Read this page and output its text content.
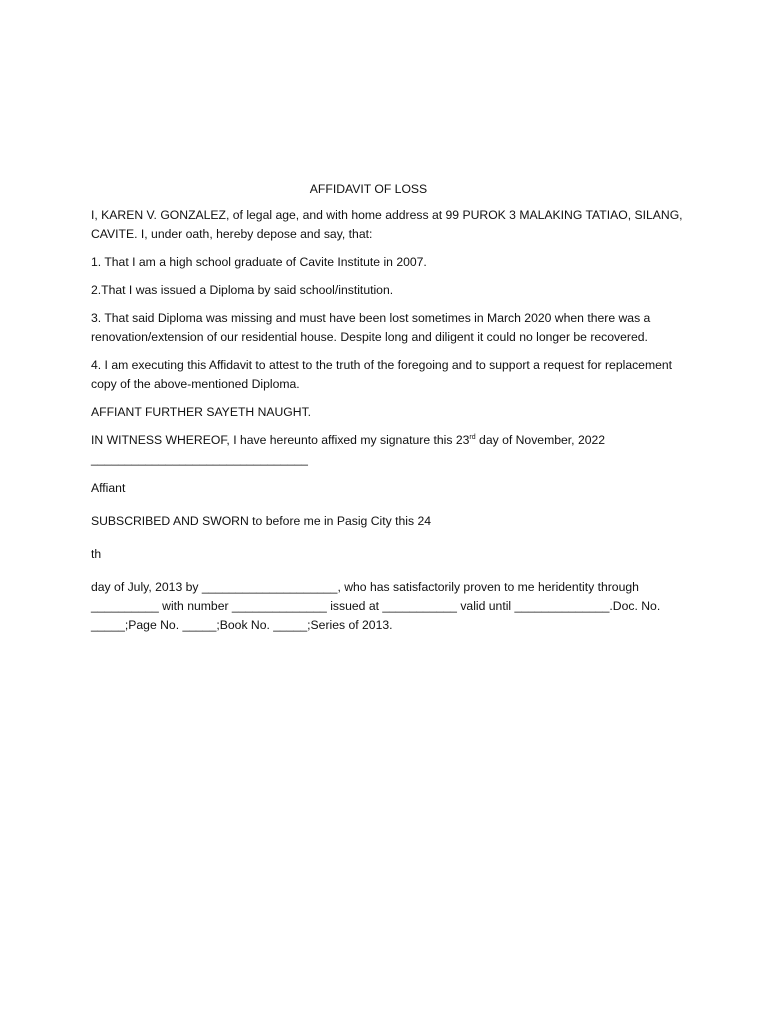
AFFIDAVIT OF LOSS

I, KAREN V. GONZALEZ, of legal age, and with home address at 99 PUROK 3 MALAKING TATIAO, SILANG, CAVITE. I, under oath, hereby depose and say, that:

1. That I am a high school graduate of Cavite Institute in 2007.

2.That I was issued a Diploma by said school/institution.

3. That said Diploma was missing and must have been lost sometimes in March 2020 when there was a renovation/extension of our residential house. Despite long and diligent it could no longer be recovered.

4. I am executing this Affidavit to attest to the truth of the foregoing and to support a request for replacement copy of the above-mentioned Diploma.

AFFIANT FURTHER SAYETH NAUGHT.

IN WITNESS WHEREOF, I have hereunto affixed my signature this 23rd day of November, 2022

________________________________

Affiant

SUBSCRIBED AND SWORN to before me in Pasig City this 24

th

day of July, 2013 by ____________________, who has satisfactorily proven to me heridentity through __________ with number ______________ issued at ___________ valid until ______________.Doc. No. _____;Page No. _____;Book No. _____;Series of 2013.
